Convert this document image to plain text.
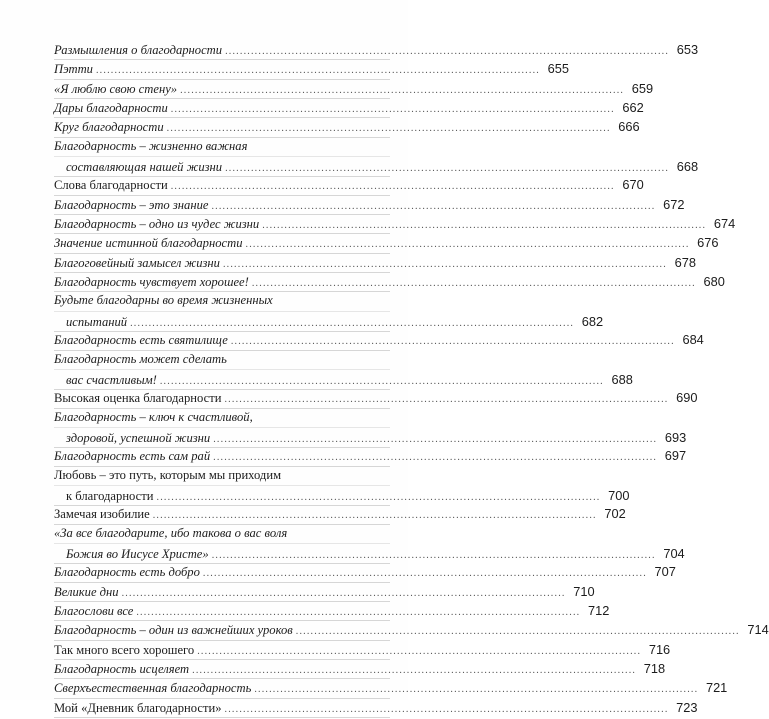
Размышления о благодарности ........................................................................................................................ 653
Пэтти ........................................................................................................................ 655
«Я люблю свою стену» ........................................................................................................................ 659
Дары благодарности ........................................................................................................................ 662
Круг благодарности ........................................................................................................................ 666
Благодарность – жизненно важная
составляющая нашей жизни ........................................................................................................................ 668
Слова благодарности ........................................................................................................................ 670
Благодарность – это знание ........................................................................................................................ 672
Благодарность – одно из чудес жизни ........................................................................................................................ 674
Значение истинной благодарности ........................................................................................................................ 676
Благоговейный замысел жизни ........................................................................................................................ 678
Благодарность чувствует хорошее! ........................................................................................................................ 680
Будьте благодарны во время жизненных
испытаний ........................................................................................................................ 682
Благодарность есть святилище ........................................................................................................................ 684
Благодарность может сделать
вас счастливым! ........................................................................................................................ 688
Высокая оценка благодарности ........................................................................................................................ 690
Благодарность – ключ к счастливой,
здоровой, успешной жизни ........................................................................................................................ 693
Благодарность есть сам рай ........................................................................................................................ 697
Любовь – это путь, которым мы приходим
к благодарности ........................................................................................................................ 700
Замечая изобилие ........................................................................................................................ 702
«За все благодарите, ибо такова о вас воля
Божия во Иисусе Христе» ........................................................................................................................ 704
Благодарность есть добро ........................................................................................................................ 707
Великие дни ........................................................................................................................ 710
Благослови все ........................................................................................................................ 712
Благодарность – один из важнейших уроков ........................................................................................................................ 714
Так много всего хорошего ........................................................................................................................ 716
Благодарность исцеляет ........................................................................................................................ 718
Сверхъестественная благодарность ........................................................................................................................ 721
Мой «Дневник благодарности» ........................................................................................................................ 723
